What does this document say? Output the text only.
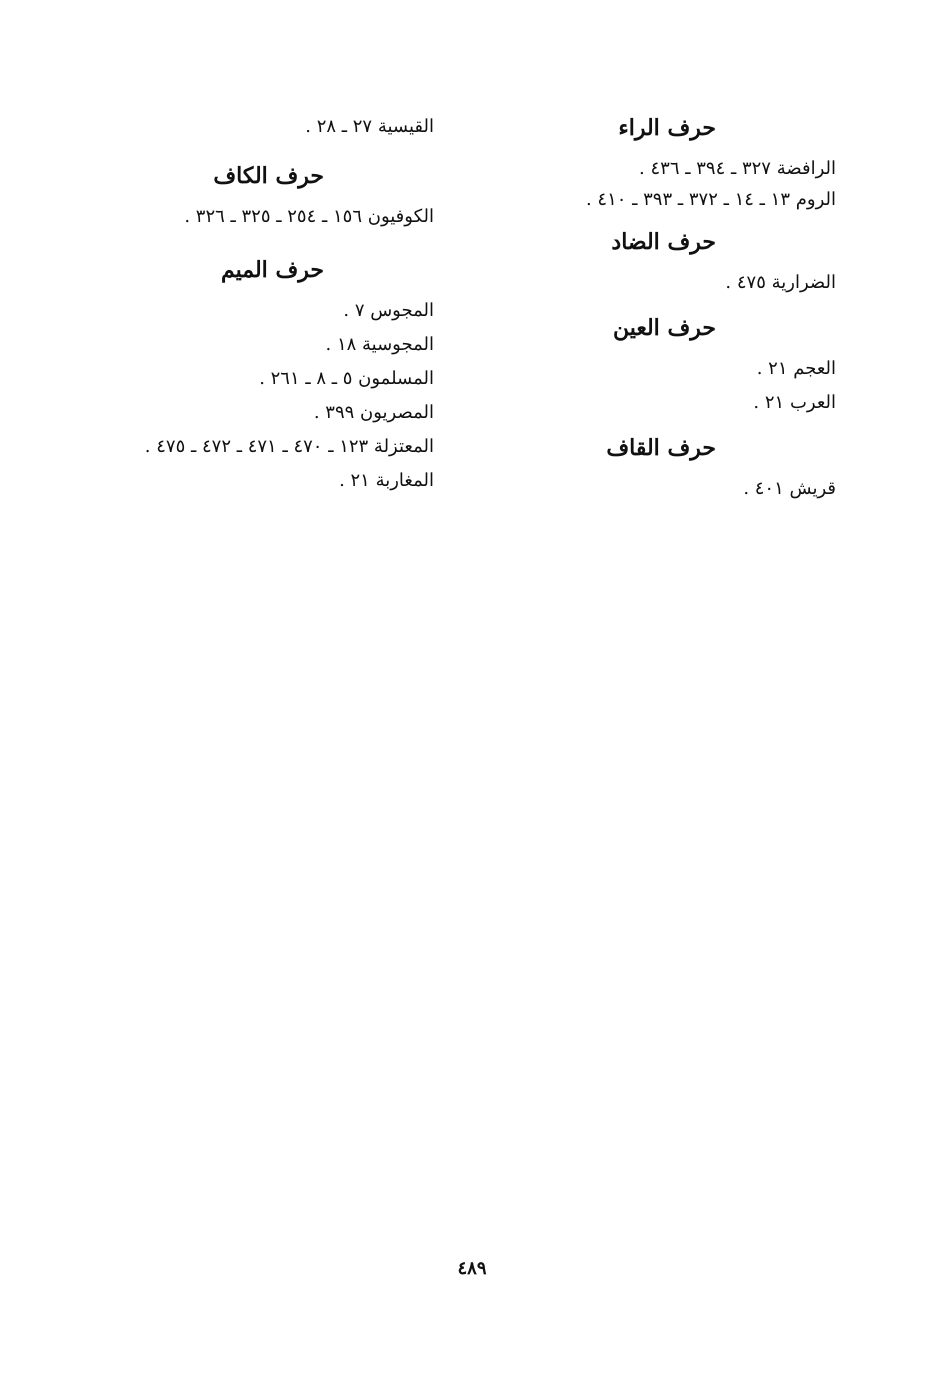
حرف الراء

الرافضة ٣٢٧ ـ ٣٩٤ ـ ٤٣٦ .

الروم ١٣ ـ ١٤ ـ ٣٧٢ ـ ٣٩٣ ـ ٤١٠ .

حرف الضاد

الضرارية ٤٧٥ .

حرف العين

العجم ٢١ .

العرب ٢١ .

حرف القاف

قريش ٤٠١ .

القيسية ٢٧ ـ ٢٨ .

حرف الكاف

الكوفيون ١٥٦ ـ ٢٥٤ ـ ٣٢٥ ـ ٣٢٦ .

حرف الميم

المجوس ٧ .

المجوسية ١٨ .

المسلمون ٥ ـ ٨ ـ ٢٦١ .

المصريون ٣٩٩ .

المعتزلة ١٢٣ ـ ٤٧٠ ـ ٤٧١ ـ ٤٧٢ ـ ٤٧٥ .

المغاربة ٢١ .

٤٨٩
